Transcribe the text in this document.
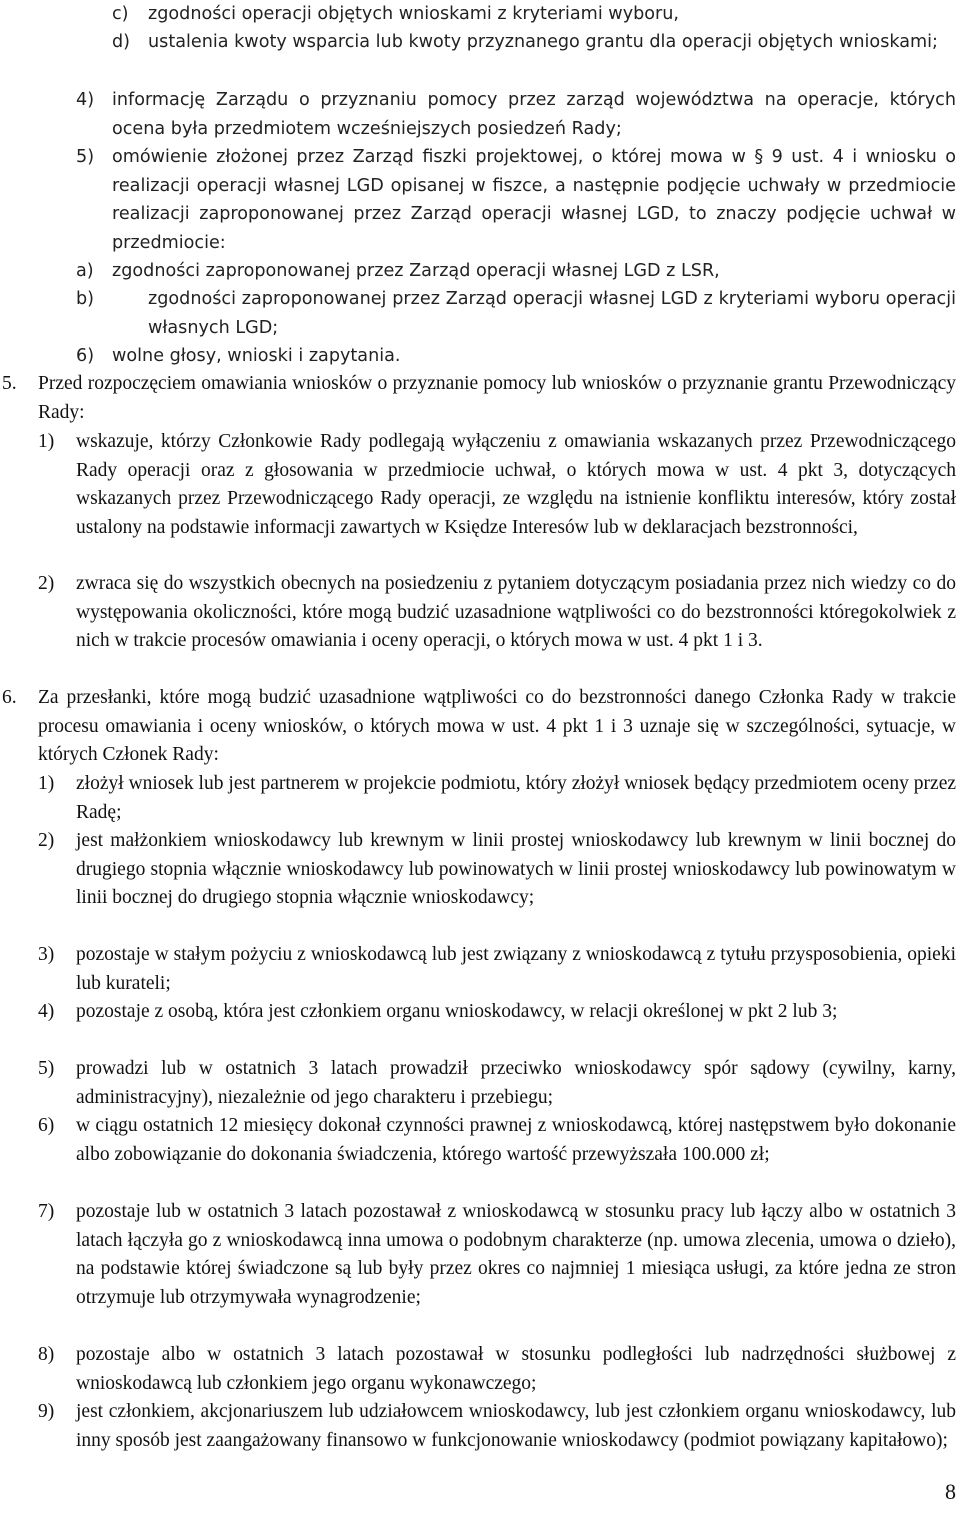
c)	zgodności operacji objętych wnioskami z kryteriami wyboru,
d)	ustalenia kwoty wsparcia lub kwoty przyznanego grantu dla operacji objętych wnioskami;
4)	informację Zarządu o przyznaniu pomocy przez zarząd województwa na operacje, których ocena była przedmiotem wcześniejszych posiedzeń Rady;
5)	omówienie złożonej przez Zarząd fiszki projektowej, o której mowa w § 9 ust. 4 i wniosku o realizacji operacji własnej LGD opisanej w fiszce, a następnie podjęcie uchwały w przedmiocie realizacji zaproponowanej przez Zarząd operacji własnej LGD, to znaczy podjęcie uchwał w przedmiocie:
a)	zgodności zaproponowanej przez Zarząd operacji własnej LGD z LSR,
b)	zgodności zaproponowanej przez Zarząd operacji własnej LGD z kryteriami wyboru operacji własnych LGD;
6)	wolne głosy, wnioski i zapytania.
5.	Przed rozpoczęciem omawiania wniosków o przyznanie pomocy lub wniosków o przyznanie grantu Przewodniczący Rady:
1)	wskazuje, którzy Członkowie Rady podlegają wyłączeniu z omawiania wskazanych przez Przewodniczącego Rady operacji oraz z głosowania w przedmiocie uchwał, o których mowa w ust. 4 pkt 3, dotyczących wskazanych przez Przewodniczącego Rady operacji, ze względu na istnienie konfliktu interesów, który został ustalony na podstawie informacji zawartych w Księdze Interesów lub w deklaracjach bezstronności,
2)	zwraca się do wszystkich obecnych na posiedzeniu z pytaniem dotyczącym posiadania przez nich wiedzy co do występowania okoliczności, które mogą budzić uzasadnione wątpliwości co do bezstronności któregokolwiek z nich w trakcie procesów omawiania i oceny operacji, o których mowa w ust. 4 pkt 1 i 3.
6.	Za przesłanki, które mogą budzić uzasadnione wątpliwości co do bezstronności danego Członka Rady w trakcie procesu omawiania i oceny wniosków, o których mowa w ust. 4 pkt 1 i 3 uznaje się w szczególności, sytuacje, w których Członek Rady:
1)	złożył wniosek lub jest partnerem w projekcie podmiotu, który złożył wniosek będący przedmiotem oceny przez Radę;
2)	jest małżonkiem wnioskodawcy lub krewnym w linii prostej wnioskodawcy lub krewnym w linii bocznej do drugiego stopnia włącznie wnioskodawcy lub powinowatych w linii prostej wnioskodawcy lub powinowatym w linii bocznej do drugiego stopnia włącznie wnioskodawcy;
3)	pozostaje w stałym pożyciu z wnioskodawcą lub jest związany z wnioskodawcą z tytułu przysposobienia, opieki lub kurateli;
4)	pozostaje z osobą, która jest członkiem organu wnioskodawcy, w relacji określonej w pkt 2 lub 3;
5)	prowadzi lub w ostatnich 3 latach prowadził przeciwko wnioskodawcy spór sądowy (cywilny, karny, administracyjny), niezależnie od jego charakteru i przebiegu;
6)	w ciągu ostatnich 12 miesięcy dokonał czynności prawnej z wnioskodawcą, której następstwem było dokonanie albo zobowiązanie do dokonania świadczenia, którego wartość przewyższała 100.000 zł;
7)	pozostaje lub w ostatnich 3 latach pozostawał z wnioskodawcą w stosunku pracy lub łączy albo w ostatnich 3 latach łączyła go z wnioskodawcą inna umowa o podobnym charakterze (np. umowa zlecenia, umowa o dzieło), na podstawie której świadczone są lub były przez okres co najmniej 1 miesiąca usługi, za które jedna ze stron otrzymuje lub otrzymywała wynagrodzenie;
8)	pozostaje albo w ostatnich 3 latach pozostawał w stosunku podległości lub nadrzędności służbowej z wnioskodawcą lub członkiem jego organu wykonawczego;
9)	jest członkiem, akcjonariuszem lub udziałowcem wnioskodawcy, lub jest członkiem organu wnioskodawcy, lub inny sposób jest zaangażowany finansowo w funkcjonowanie wnioskodawcy (podmiot powiązany kapitałowo);
8
